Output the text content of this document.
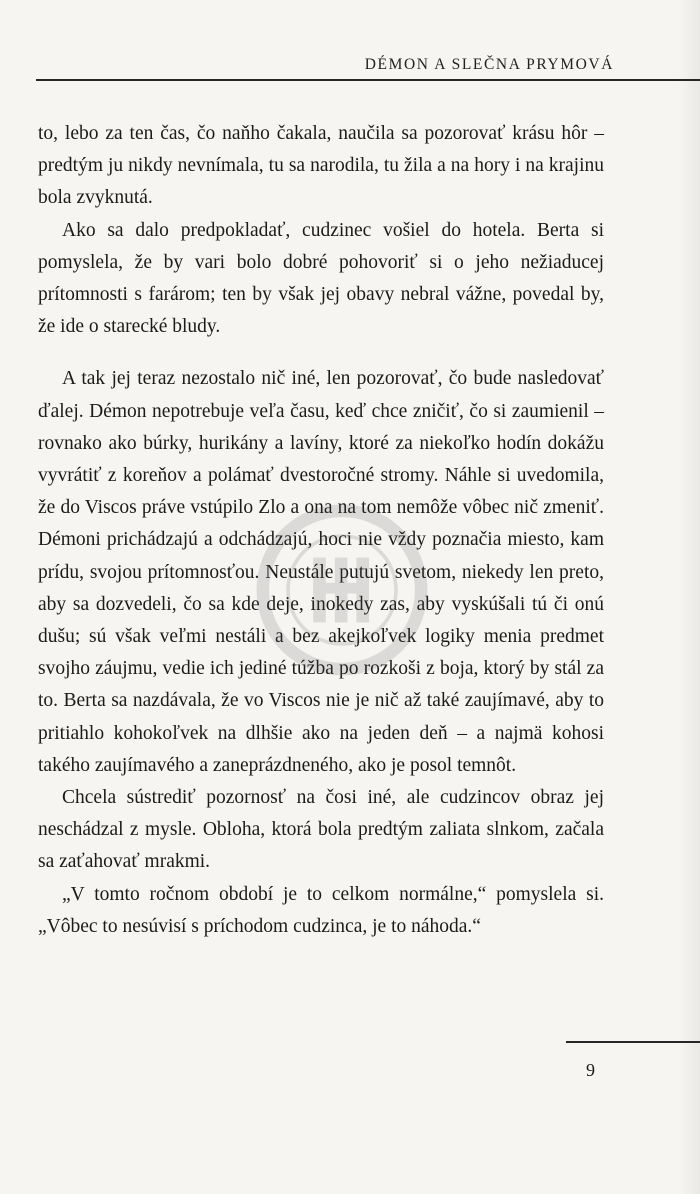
DÉMON A SLEČNA PRYMOVÁ

to, lebo za ten čas, čo naňho čakala, naučila sa pozorovať krásu hôr – predtým ju nikdy nevnímala, tu sa narodila, tu žila a na hory i na krajinu bola zvyknutá.

Ako sa dalo predpokladať, cudzinec vošiel do hotela. Berta si pomyslela, že by vari bolo dobré pohovoriť si o jeho nežiaducej prítomnosti s farárom; ten by však jej obavy nebral vážne, povedal by, že ide o starecké bludy.

A tak jej teraz nezostalo nič iné, len pozorovať, čo bude nasledovať ďalej. Démon nepotrebuje veľa času, keď chce zničiť, čo si zaumienil – rovnako ako búrky, hurikány a lavíny, ktoré za niekoľko hodín dokážu vyvrátiť z koreňov a polámať dvestoročné stromy. Náhle si uvedomila, že do Viscos práve vstúpilo Zlo a ona na tom nemôže vôbec nič zmeniť. Démoni prichádzajú a odchádzajú, hoci nie vždy poznačia miesto, kam prídu, svojou prítomnosťou. Neustále putujú svetom, niekedy len preto, aby sa dozvedeli, čo sa kde deje, inokedy zas, aby vyskúšali tú či onú dušu; sú však veľmi nestáli a bez akejkoľvek logiky menia predmet svojho záujmu, vedie ich jediné túžba po rozkoši z boja, ktorý by stál za to. Berta sa nazdávala, že vo Viscos nie je nič až také zaujímavé, aby to pritiahlo kohokoľvek na dlhšie ako na jeden deň – a najmä kohosi takého zaujímavého a zaneprázdneného, ako je posol temnôt.

Chcela sústrediť pozornosť na čosi iné, ale cudzincov obraz jej neschádzal z mysle. Obloha, ktorá bola predtým zaliata slnkom, začala sa zaťahovať mrakmi.

„V tomto ročnom období je to celkom normálne,“ pomyslela si. „Vôbec to nesúvisí s príchodom cudzinca, je to náhoda.“

9
